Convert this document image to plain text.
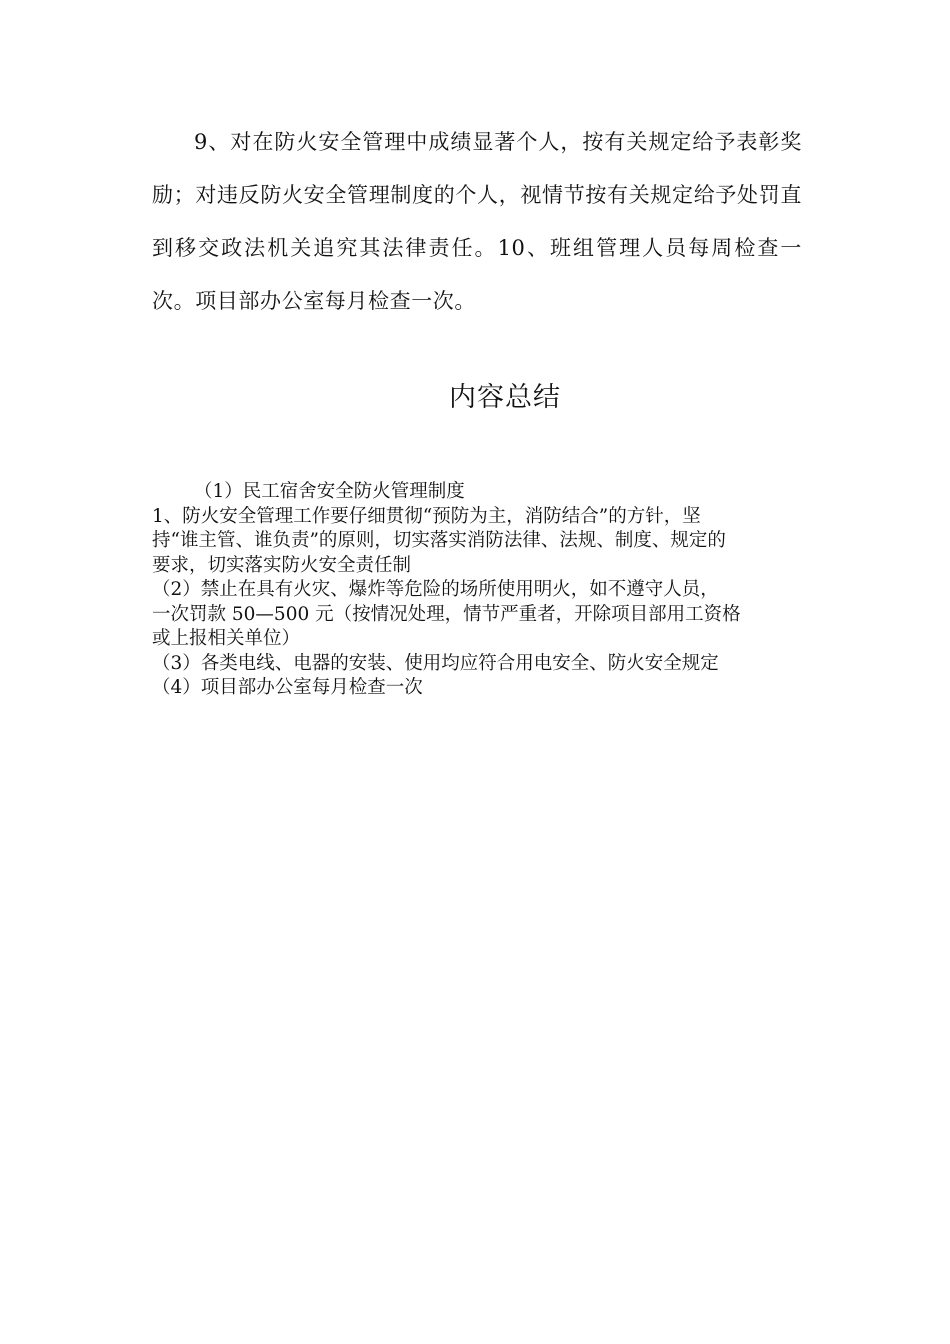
9、对在防火安全管理中成绩显著个人，按有关规定给予表彰奖励；对违反防火安全管理制度的个人，视情节按有关规定给予处罚直到移交政法机关追究其法律责任。10、班组管理人员每周检查一次。项目部办公室每月检查一次。

内容总结
（1）民工宿舍安全防火管理制度
1、防火安全管理工作要仔细贯彻“预防为主，消防结合”的方针，坚
持“谁主管、谁负责”的原则，切实落实消防法律、法规、制度、规定的
要求，切实落实防火安全责任制
（2）禁止在具有火灾、爆炸等危险的场所使用明火，如不遵守人员，
一次罚款 50—500 元（按情况处理，情节严重者，开除项目部用工资格
或上报相关单位）
（3）各类电线、电器的安装、使用均应符合用电安全、防火安全规定
（4）项目部办公室每月检查一次
